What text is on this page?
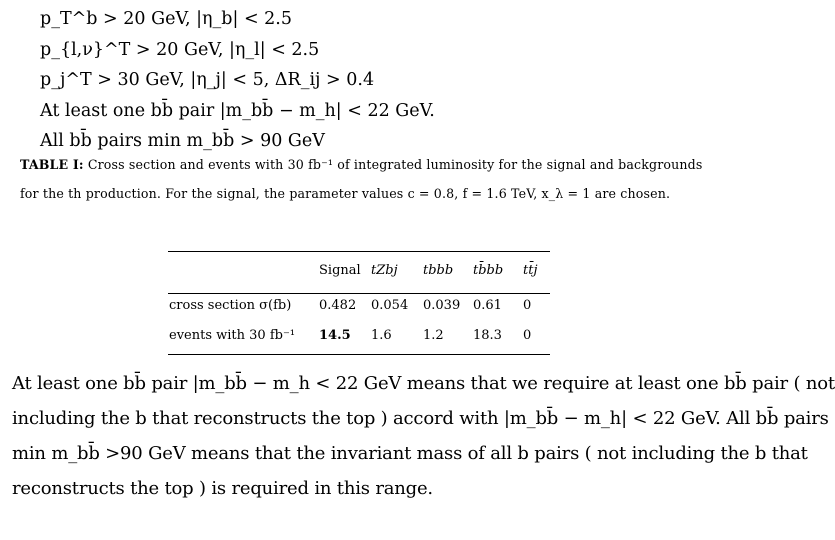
p_T^b > 20 GeV, |η_b| < 2.5
p_{l,ν}^T > 20 GeV, |η_l| < 2.5
p_j^T > 30 GeV, |η_j| < 5, ΔR_ij > 0.4
At least one bb̄ pair |m_bb̄ − m_h| < 22 GeV.
All bb̄ pairs min m_bb̄ > 90 GeV
TABLE I: Cross section and events with 30 fb⁻¹ of integrated luminosity for the signal and backgrounds for the th production. For the signal, the parameter values c = 0.8, f = 1.6 TeV, x_λ = 1 are chosen.
	Signal	tZbj	tbbb	tb̄bb	tt̄j
cross section σ(fb)	0.482	0.054	0.039	0.61	0
events with 30 fb⁻¹	14.5	1.6	1.2	18.3	0

At least one bb̄ pair |m_bb̄ − m_h < 22 GeV means that we require at least one bb̄ pair ( not

including the b that reconstructs the top ) accord with |m_bb̄ − m_h| < 22 GeV. All bb̄ pairs

min m_bb̄ >90 GeV means that the invariant mass of all b pairs ( not including the b that

reconstructs the top ) is required in this range.
